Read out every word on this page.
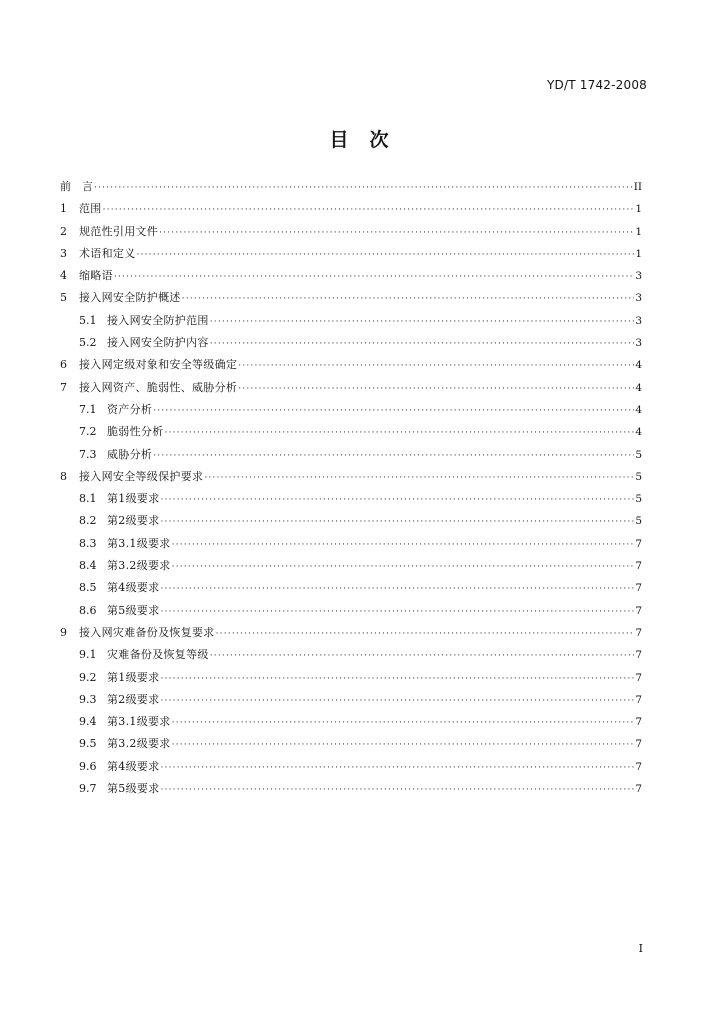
YD/T 1742-2008
目　次
前　言 ·····	II
1	范围 ·····	1
2	规范性引用文件 ·····	1
3	术语和定义 ·····	1
4	缩略语 ·····	3
5	接入网安全防护概述 ·····	3
5.1 接入网安全防护范围 ·····	3
5.2 接入网安全防护内容 ·····	3
6	接入网定级对象和安全等级确定 ·····	4
7	接入网资产、脆弱性、威胁分析 ·····	4
7.1 资产分析 ·····	4
7.2 脆弱性分析 ·····	4
7.3 威胁分析 ·····	5
8	接入网安全等级保护要求 ·····	5
8.1 第1级要求 ·····	5
8.2 第2级要求 ·····	5
8.3 第3.1级要求 ·····	7
8.4 第3.2级要求 ·····	7
8.5 第4级要求 ·····	7
8.6 第5级要求 ·····	7
9	接入网灾难备份及恢复要求 ·····	7
9.1 灾难备份及恢复等级 ·····	7
9.2 第1级要求 ·····	7
9.3 第2级要求 ·····	7
9.4 第3.1级要求 ·····	7
9.5 第3.2级要求 ·····	7
9.6 第4级要求 ·····	7
9.7 第5级要求 ·····	7
I
